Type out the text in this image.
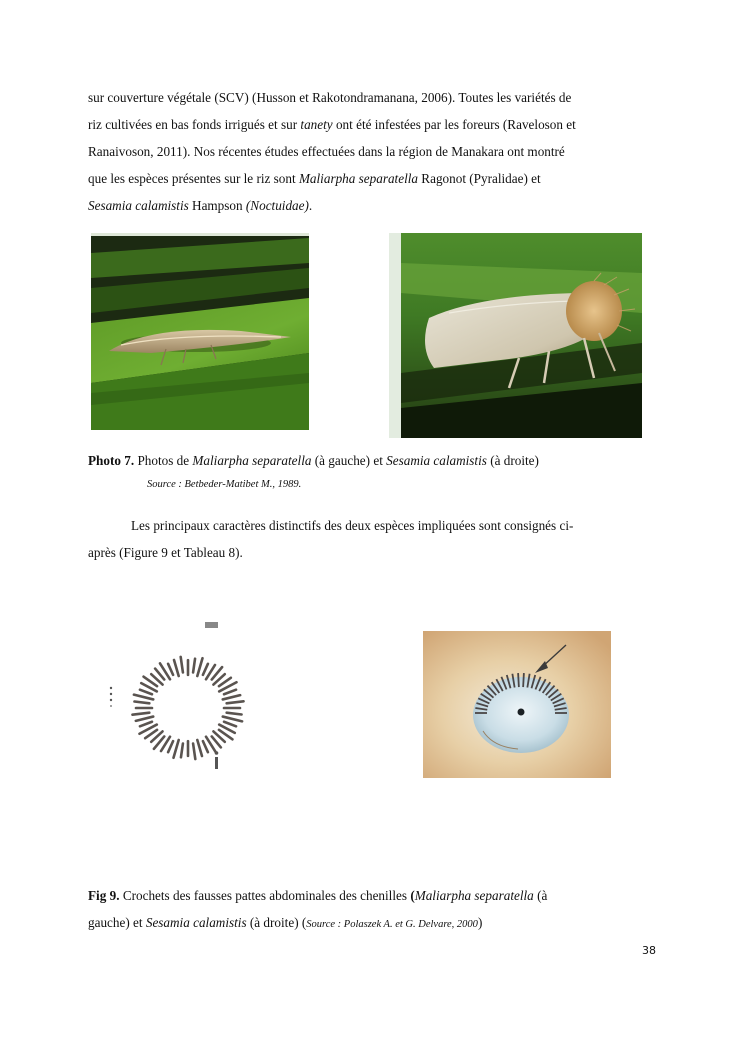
sur couverture végétale (SCV) (Husson et Rakotondramanana, 2006). Toutes les variétés de
riz cultivées en bas fonds irrigués et sur tanety ont été infestées par les foreurs (Raveloson et
Ranaivoson, 2011). Nos récentes études effectuées dans la région de Manakara ont montré
que les espèces présentes sur le riz sont Maliarpha separatella Ragonot (Pyralidae) et
Sesamia calamistis Hampson (Noctuidae).

Photo 7. Photos de Maliarpha separatella (à gauche) et Sesamia calamistis (à droite)

Source : Betbeder-Matibet M., 1989.

Les principaux caractères distinctifs des deux espèces impliquées sont consignés ci-
après (Figure 9 et Tableau 8).

Fig 9. Crochets des fausses pattes abdominales des chenilles (Maliarpha separatella (à
gauche) et Sesamia calamistis (à droite) (Source : Polaszek A. et G. Delvare, 2000)

38
